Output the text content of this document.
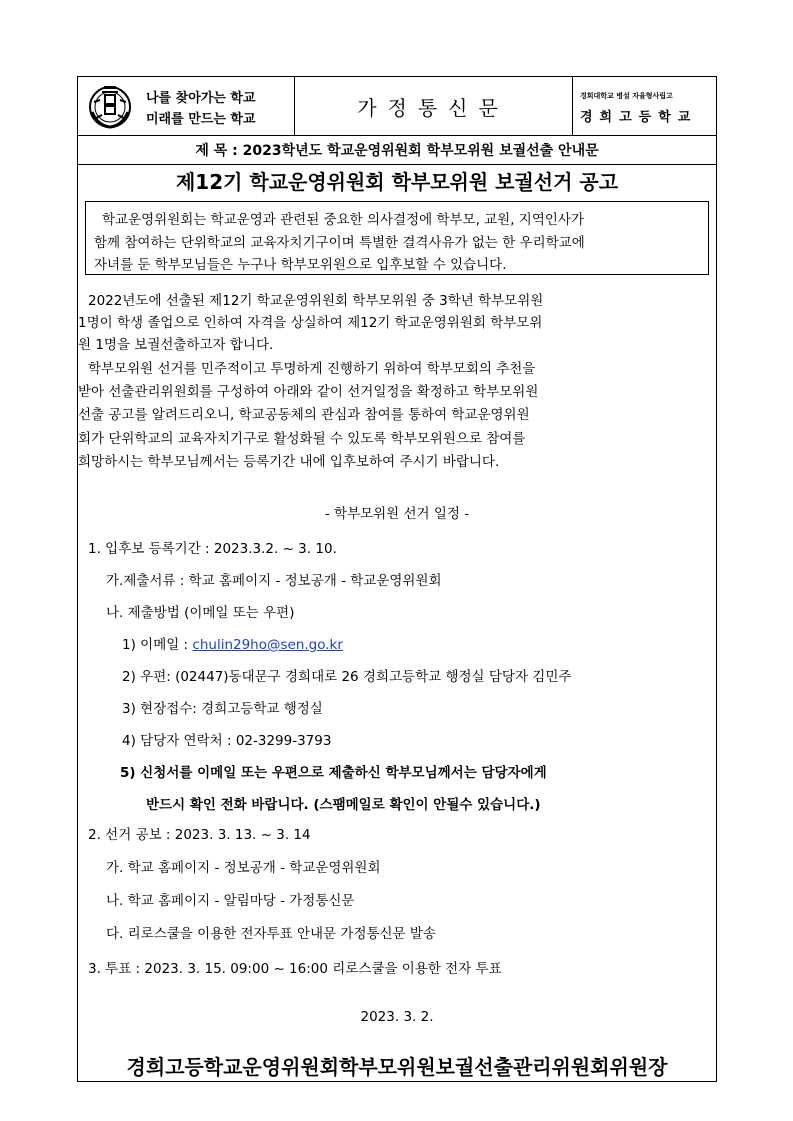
나를 찾아가는 학교
미래를 만드는 학교	가정통신문	경희대학교 병설 자율형사립고
경희고등학교
제 목 : 2023학년도 학교운영위원회 학부모위원 보궐선출 안내문
제12기 학교운영위원회 학부모위원 보궐선거 공고

학교운영위원회는 학교운영과 관련된 중요한 의사결정에 학부모, 교원, 지역인사가

함께 참여하는 단위학교의 교육자치기구이며 특별한 결격사유가 없는 한 우리학교에

자녀를 둔 학부모님들은 누구나 학부모위원으로 입후보할 수 있습니다.

2022년도에 선출된 제12기 학교운영위원회 학부모위원 중 3학년 학부모위원
1명이 학생 졸업으로 인하여 자격을 상실하여 제12기 학교운영위원회 학부모위
원 1명을 보궐선출하고자 합니다.
학부모위원 선거를 민주적이고 투명하게 진행하기 위하여 학부모회의 추천을
받아 선출관리위원회를 구성하여 아래와 같이 선거일정을 확정하고 학부모위원
선출 공고를 알려드리오니, 학교공동체의 관심과 참여를 통하여 학교운영위원
회가 단위학교의 교육자치기구로 활성화될 수 있도록 학부모위원으로 참여를
희망하시는 학부모님께서는 등록기간 내에 입후보하여 주시기 바랍니다.
- 학부모위원 선거 일정 -
1. 입후보 등록기간 : 2023.3.2. ~ 3. 10.
가.제출서류 : 학교 홈페이지 - 정보공개 - 학교운영위원회
나. 제출방법 (이메일 또는 우편)
1) 이메일 : chulin29ho@sen.go.kr
2) 우편: (02447)동대문구 경희대로 26 경희고등학교 행정실 담당자 김민주
3) 현장접수: 경희고등학교 행정실
4) 담당자 연락처 : 02-3299-3793
5) 신청서를 이메일 또는 우편으로 제출하신 학부모님께서는 담당자에게
반드시 확인 전화 바랍니다. (스팸메일로 확인이 안될수 있습니다.)
2. 선거 공보 : 2023. 3. 13. ~ 3. 14
가. 학교 홈페이지 - 정보공개 - 학교운영위원회
나. 학교 홈페이지 - 알림마당 - 가정통신문
다. 리로스쿨을 이용한 전자투표 안내문 가정통신문 발송
3. 투표 : 2023. 3. 15. 09:00 ~ 16:00 리로스쿨을 이용한 전자 투표
2023. 3. 2.
경희고등학교운영위원회학부모위원보궐선출관리위원회위원장
